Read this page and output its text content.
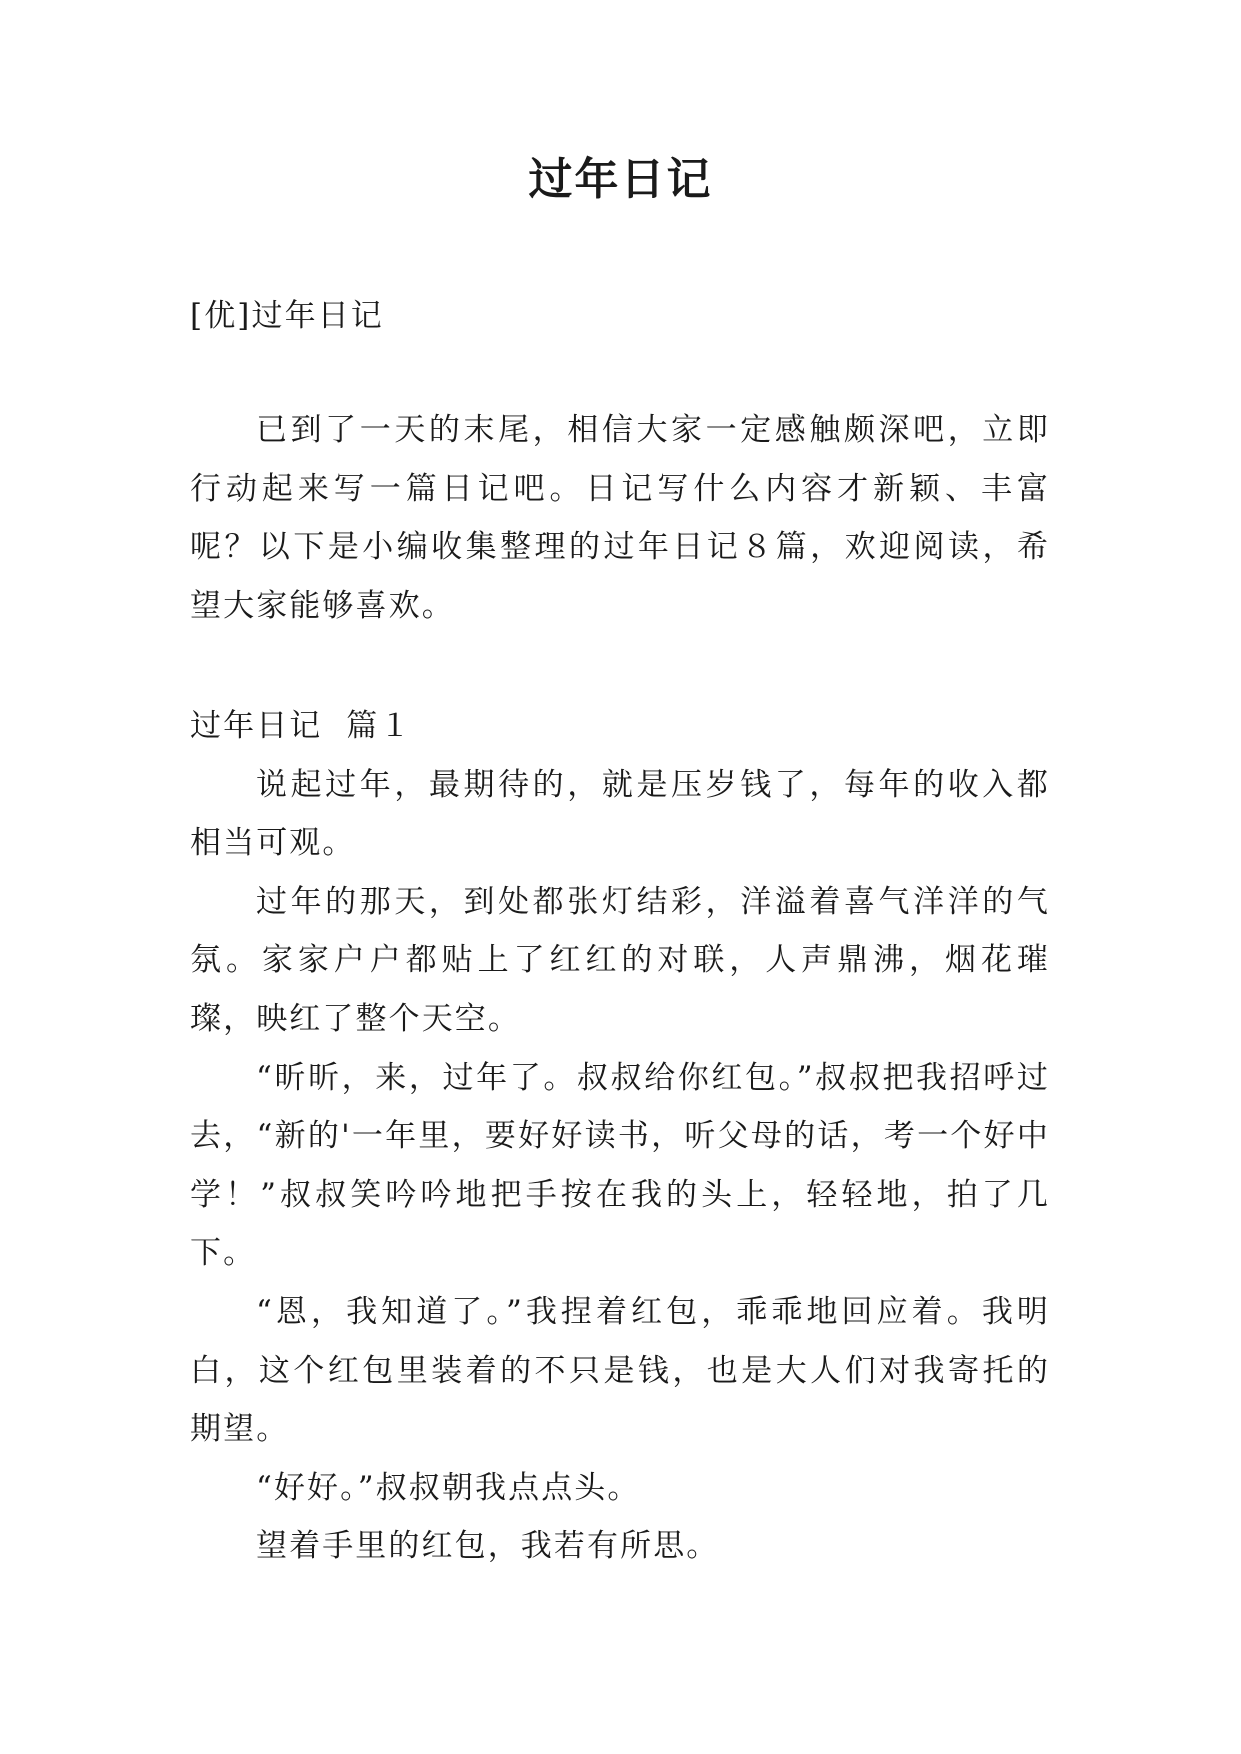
过年日记

[优]过年日记

已到了一天的末尾，相信大家一定感触颇深吧，立即行动起来写一篇日记吧。日记写什么内容才新颖、丰富呢？以下是小编收集整理的过年日记８篇，欢迎阅读，希望大家能够喜欢。

过年日记  篇１

说起过年，最期待的，就是压岁钱了，每年的收入都相当可观。

过年的那天，到处都张灯结彩，洋溢着喜气洋洋的气氛。家家户户都贴上了红红的对联，人声鼎沸，烟花璀璨，映红了整个天空。

“昕昕，来，过年了。叔叔给你红包。”叔叔把我招呼过去，“新的'一年里，要好好读书，听父母的话，考一个好中学！”叔叔笑吟吟地把手按在我的头上，轻轻地，拍了几下。

“恩，我知道了。”我捏着红包，乖乖地回应着。我明白，这个红包里装着的不只是钱，也是大人们对我寄托的期望。

“好好。”叔叔朝我点点头。

望着手里的红包，我若有所思。
